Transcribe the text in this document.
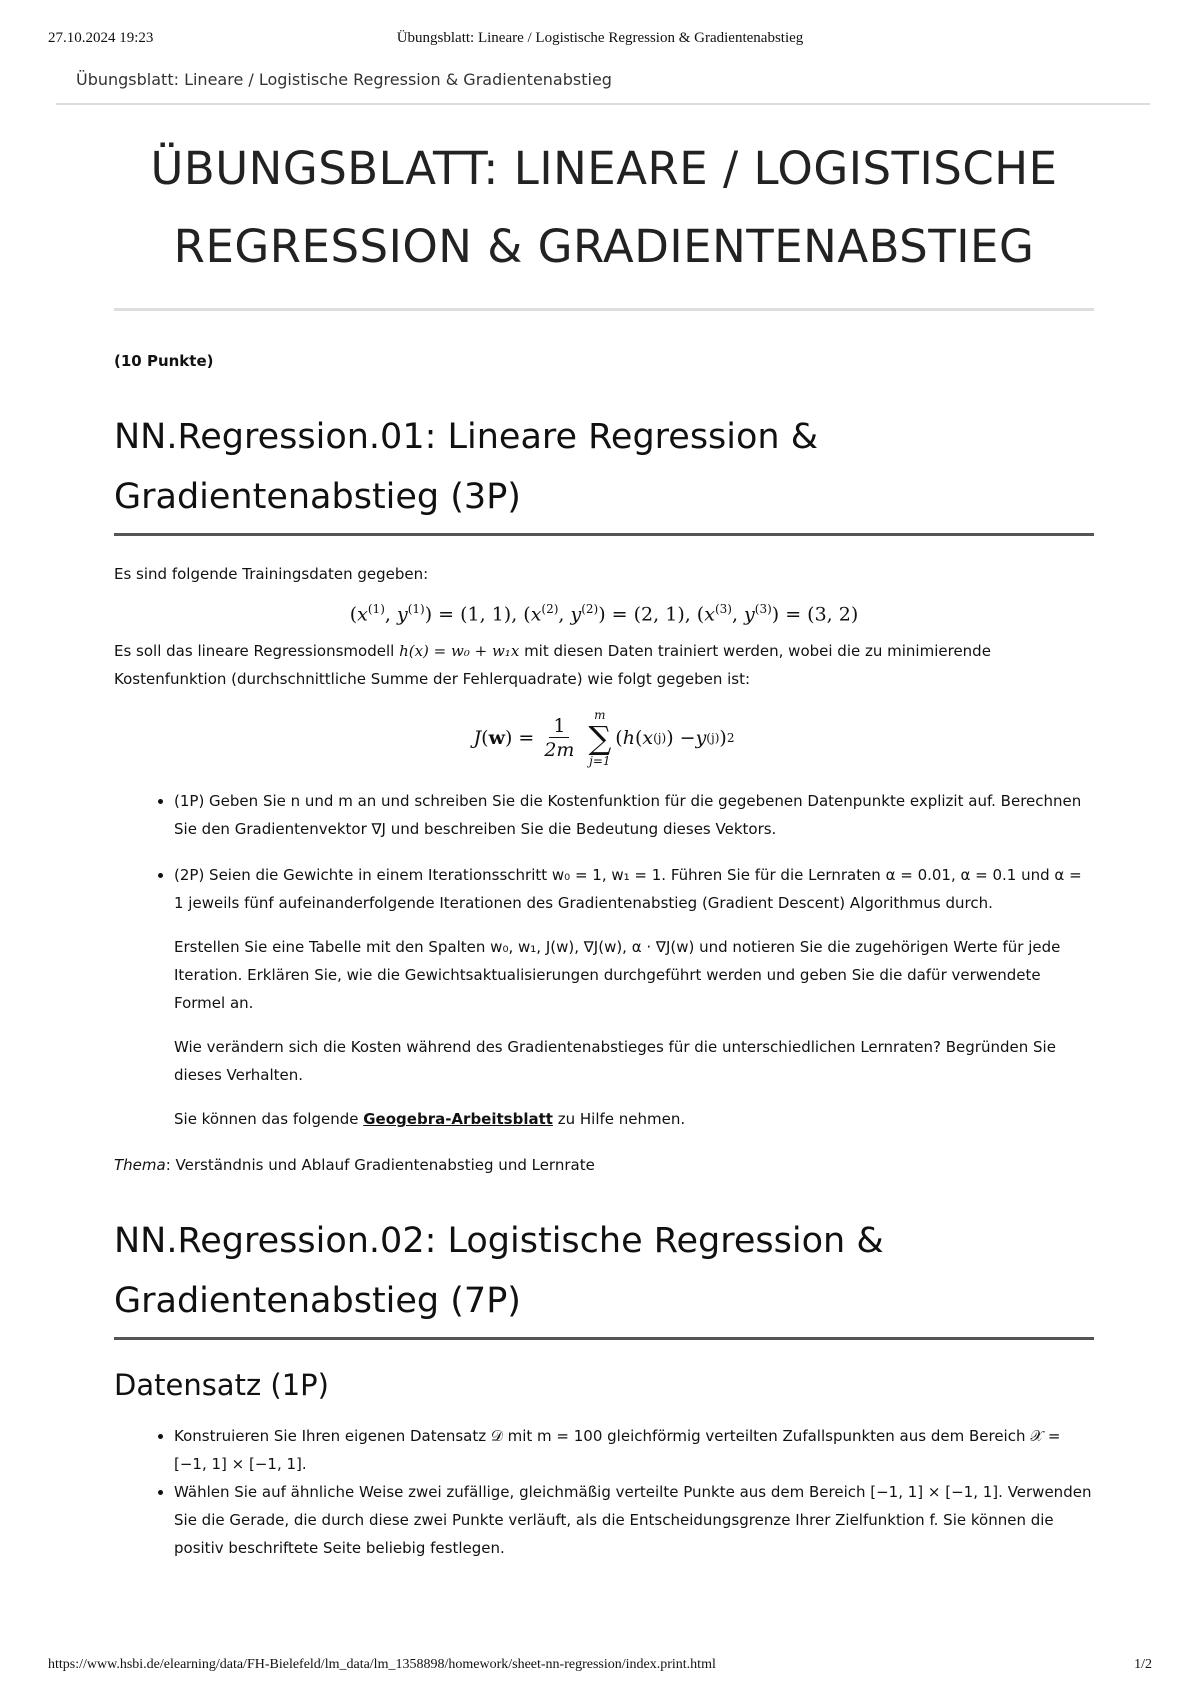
27.10.2024 19:23	Übungsblatt: Lineare / Logistische Regression & Gradientenabstieg
Übungsblatt: Lineare / Logistische Regression & Gradientenabstieg
ÜBUNGSBLATT: LINEARE / LOGISTISCHE REGRESSION & GRADIENTENABSTIEG

(10 Punkte)

NN.Regression.01: Lineare Regression & Gradientenabstieg (3P)

Es sind folgende Trainingsdaten gegeben:

($x^{(1)}$, $y^{(1)}) = (1$, 1), ($x^{(2)}$, $y^{(2)}) = (2$, 1), ($x^{(3)}$, $y^{(3)}) = (3$, 2)

Es soll das lineare Regressionsmodell h(x) = w₀ + w₁x mit diesen Daten trainiert werden, wobei die zu minimierende Kostenfunktion (durchschnittliche Summe der Fehlerquadrate) wie folgt gegeben ist:

J ( w ) = $\frac{1}{2m}$ m
∑
j=1
( h ( x (j) ) − y (j) ) 2
• (1P) Geben Sie n und m an und schreiben Sie die Kostenfunktion für die gegebenen Datenpunkte explizit auf. Berechnen Sie den Gradientenvektor ∇J und beschreiben Sie die Bedeutung dieses Vektors.
• (2P) Seien die Gewichte in einem Iterationsschritt w₀ = 1, w₁ = 1. Führen Sie für die Lernraten α = 0.01, α = 0.1 und α = 1 jeweils fünf aufeinanderfolgende Iterationen des Gradientenabstieg (Gradient Descent) Algorithmus durch.

Erstellen Sie eine Tabelle mit den Spalten w₀, w₁, J(w), ∇J(w), α · ∇J(w) und notieren Sie die zugehörigen Werte für jede Iteration. Erklären Sie, wie die Gewichtsaktualisierungen durchgeführt werden und geben Sie die dafür verwendete Formel an.

Wie verändern sich die Kosten während des Gradientenabstieges für die unterschiedlichen Lernraten? Begründen Sie dieses Verhalten.

Sie können das folgende Geogebra-Arbeitsblatt zu Hilfe nehmen.

Thema: Verständnis und Ablauf Gradientenabstieg und Lernrate

NN.Regression.02: Logistische Regression & Gradientenabstieg (7P)
Datensatz (1P)
• Konstruieren Sie Ihren eigenen Datensatz 𝒟 mit m = 100 gleichförmig verteilten Zufallspunkten aus dem Bereich 𝒳 = [−1, 1] × [−1, 1].
• Wählen Sie auf ähnliche Weise zwei zufällige, gleichmäßig verteilte Punkte aus dem Bereich [−1, 1] × [−1, 1]. Verwenden Sie die Gerade, die durch diese zwei Punkte verläuft, als die Entscheidungsgrenze Ihrer Zielfunktion f. Sie können die positiv beschriftete Seite beliebig festlegen.
https://www.hsbi.de/elearning/data/FH-Bielefeld/lm_data/lm_1358898/homework/sheet-nn-regression/index.print.html	1/2
